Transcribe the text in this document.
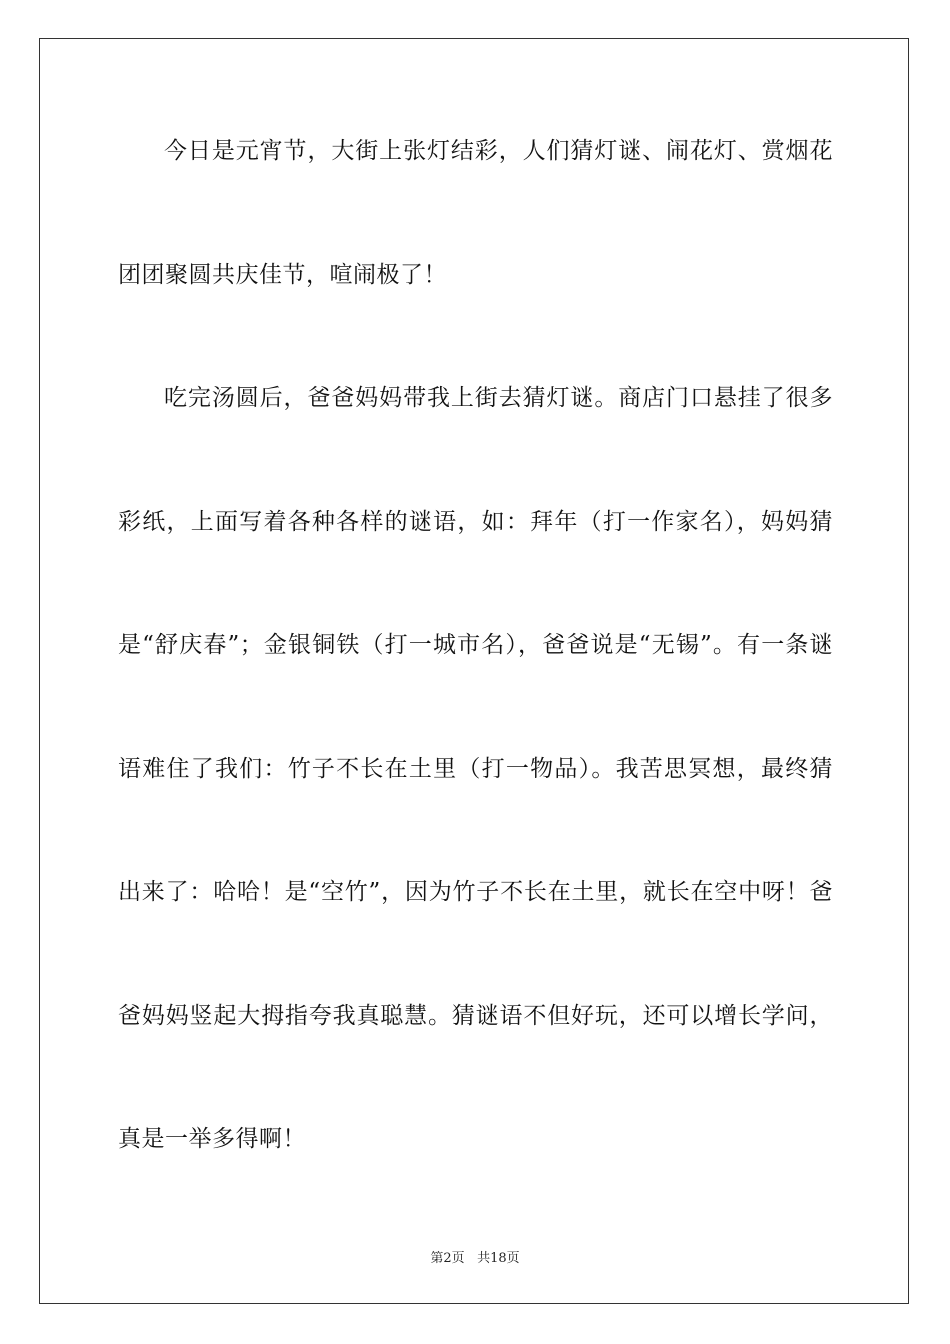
今日是元宵节，大街上张灯结彩，人们猜灯谜、闹花灯、赏烟花团团聚圆共庆佳节，喧闹极了！

吃完汤圆后，爸爸妈妈带我上街去猜灯谜。商店门口悬挂了很多彩纸，上面写着各种各样的谜语，如：拜年（打一作家名），妈妈猜是“舒庆春”；金银铜铁（打一城市名），爸爸说是“无锡”。有一条谜语难住了我们：竹子不长在土里（打一物品）。我苦思冥想，最终猜出来了：哈哈！是“空竹”，因为竹子不长在土里，就长在空中呀！爸爸妈妈竖起大拇指夸我真聪慧。猜谜语不但好玩，还可以增长学问，真是一举多得啊！

第2页 共18页
